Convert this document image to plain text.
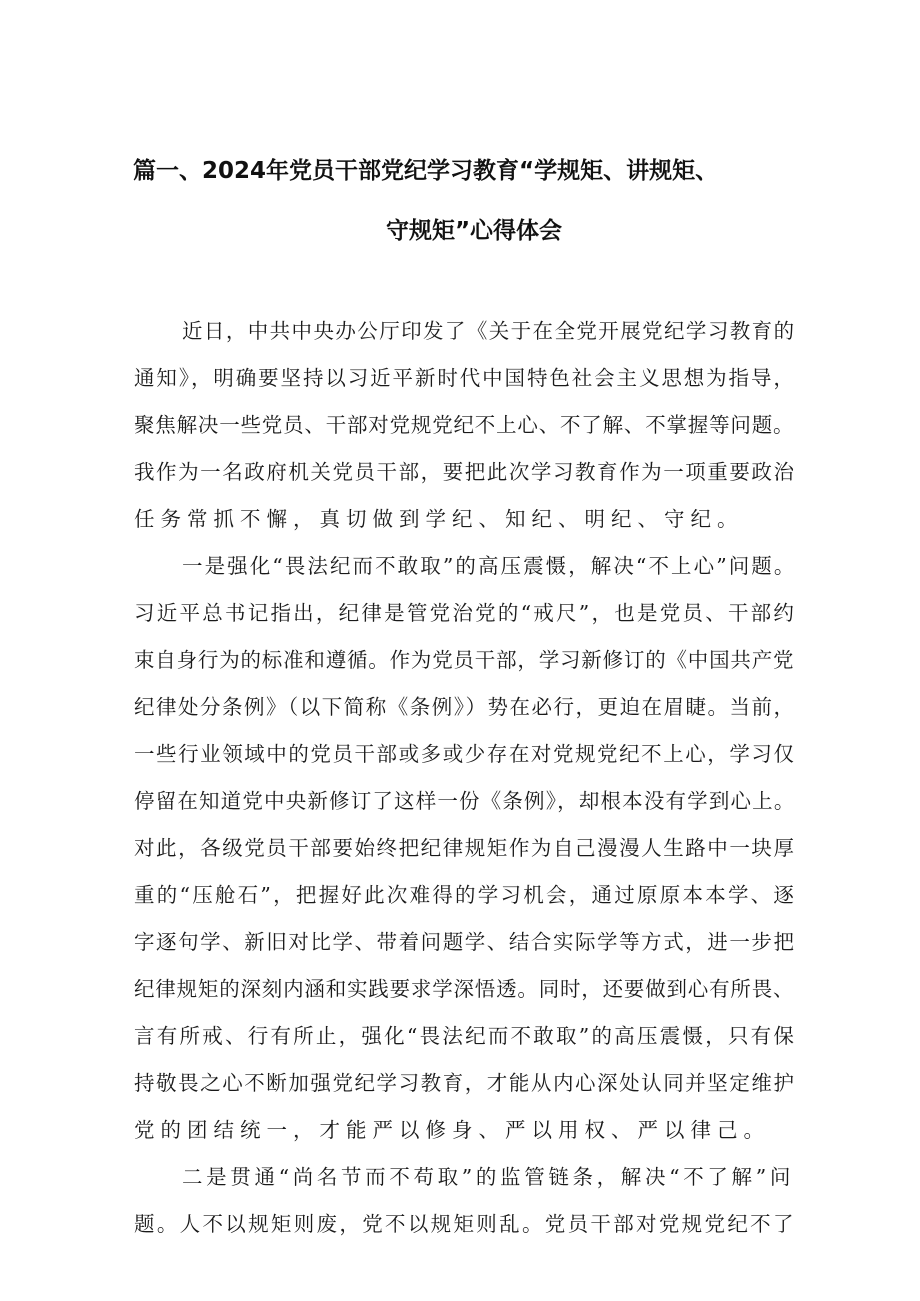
篇一、2024年党员干部党纪学习教育“学规矩、讲规矩、
守规矩”心得体会
近日，中共中央办公厅印发了《关于在全党开展党纪学习教育的
通知》，明确要坚持以习近平新时代中国特色社会主义思想为指导，
聚焦解决一些党员、干部对党规党纪不上心、不了解、不掌握等问题。
我作为一名政府机关党员干部，要把此次学习教育作为一项重要政治
任务常抓不懈，真切做到学纪、知纪、明纪、守纪。
一是强化“畏法纪而不敢取”的高压震慑，解决“不上心”问题。
习近平总书记指出，纪律是管党治党的“戒尺”，也是党员、干部约
束自身行为的标准和遵循。作为党员干部，学习新修订的《中国共产党
纪律处分条例》（以下简称《条例》）势在必行，更迫在眉睫。当前，
一些行业领域中的党员干部或多或少存在对党规党纪不上心，学习仅
停留在知道党中央新修订了这样一份《条例》，却根本没有学到心上。
对此，各级党员干部要始终把纪律规矩作为自己漫漫人生路中一块厚
重的“压舱石”，把握好此次难得的学习机会，通过原原本本学、逐
字逐句学、新旧对比学、带着问题学、结合实际学等方式，进一步把
纪律规矩的深刻内涵和实践要求学深悟透。同时，还要做到心有所畏、
言有所戒、行有所止，强化“畏法纪而不敢取”的高压震慑，只有保
持敬畏之心不断加强党纪学习教育，才能从内心深处认同并坚定维护
党的团结统一，才能严以修身、严以用权、严以律己。
二是贯通“尚名节而不苟取”的监管链条，解决“不了解”问
题。人不以规矩则废，党不以规矩则乱。党员干部对党规党纪不了
